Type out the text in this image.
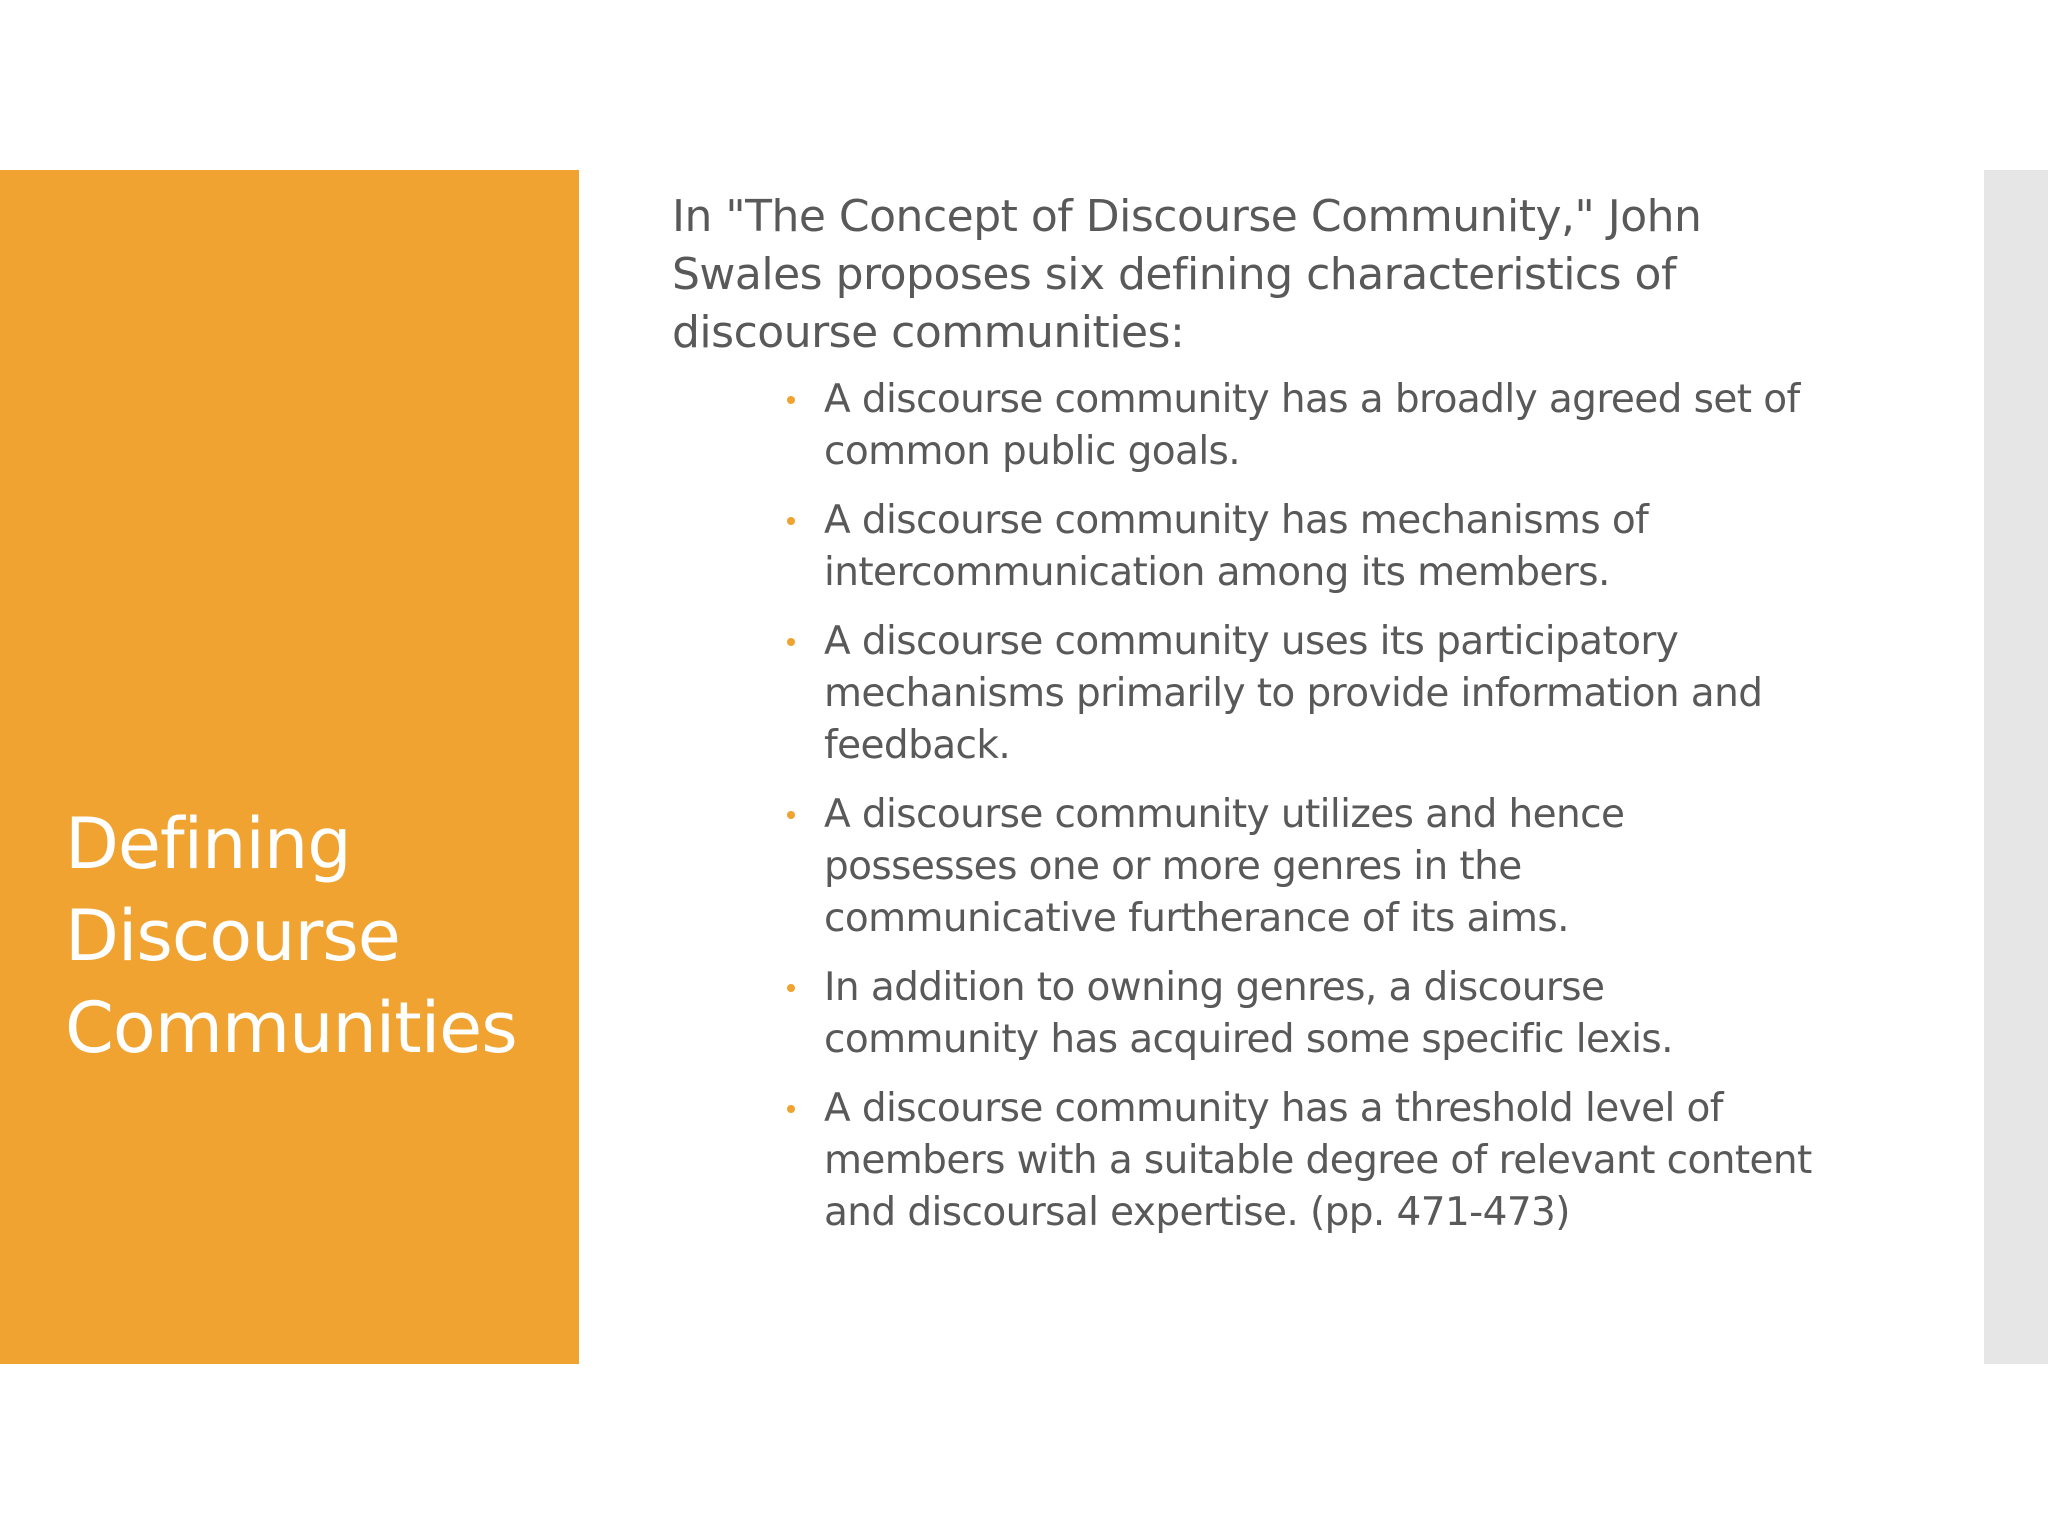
Defining
Discourse
Communities

In "The Concept of Discourse Community," John
Swales proposes six defining characteristics of
discourse communities:

A discourse community has a broadly agreed set of
common public goals.
A discourse community has mechanisms of
intercommunication among its members.
A discourse community uses its participatory
mechanisms primarily to provide information and
feedback.
A discourse community utilizes and hence
possesses one or more genres in the
communicative furtherance of its aims.
In addition to owning genres, a discourse
community has acquired some specific lexis.
A discourse community has a threshold level of
members with a suitable degree of relevant content
and discoursal expertise. (pp. 471-473)
